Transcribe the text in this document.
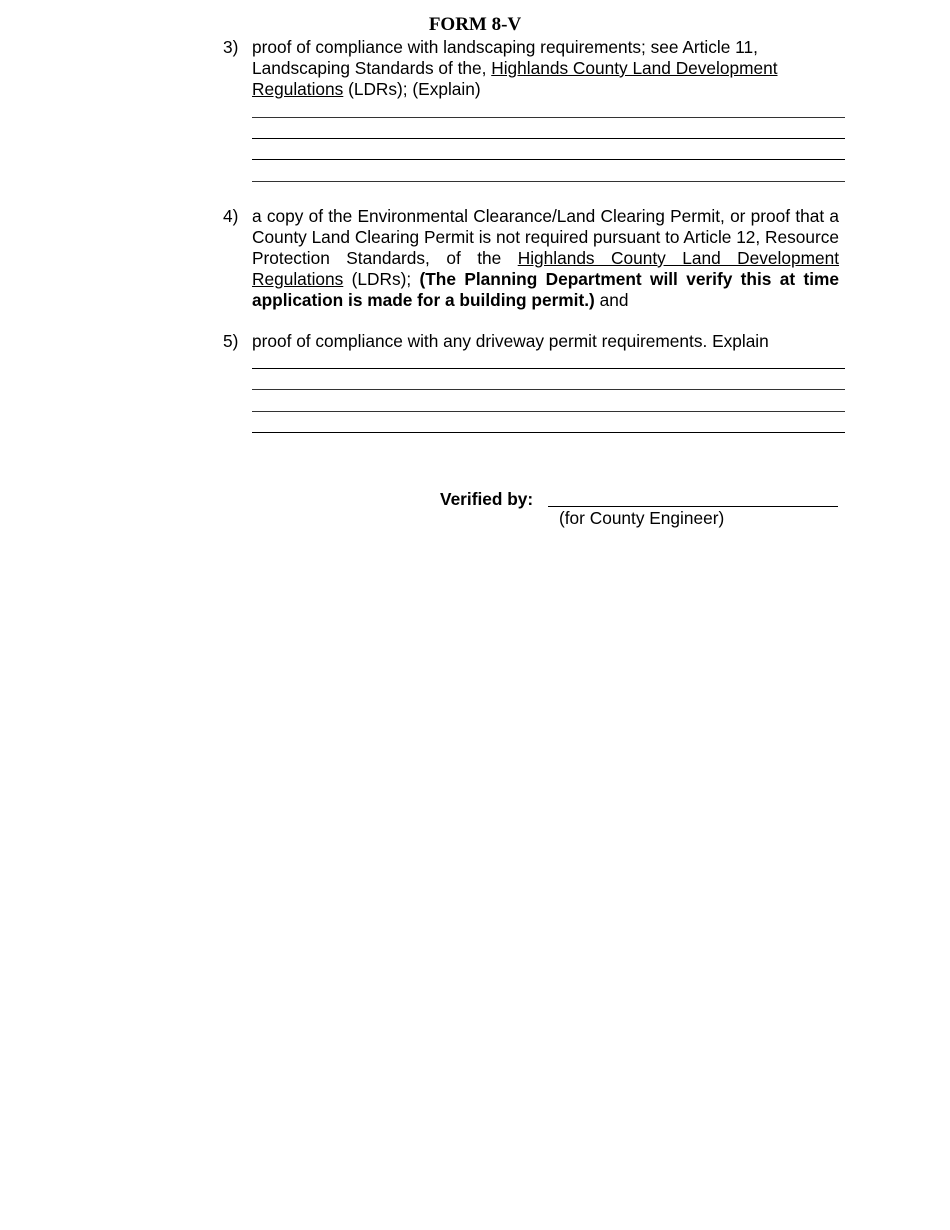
FORM 8-V
3) proof of compliance with landscaping requirements; see Article 11, Landscaping Standards of the, Highlands County Land Development Regulations (LDRs); (Explain)
4) a copy of the Environmental Clearance/Land Clearing Permit, or proof that a County Land Clearing Permit is not required pursuant to Article 12, Resource Protection Standards, of the Highlands County Land Development Regulations (LDRs); (The Planning Department will verify this at time application is made for a building permit.) and
5) proof of compliance with any driveway permit requirements. Explain
Verified by:
(for County Engineer)
